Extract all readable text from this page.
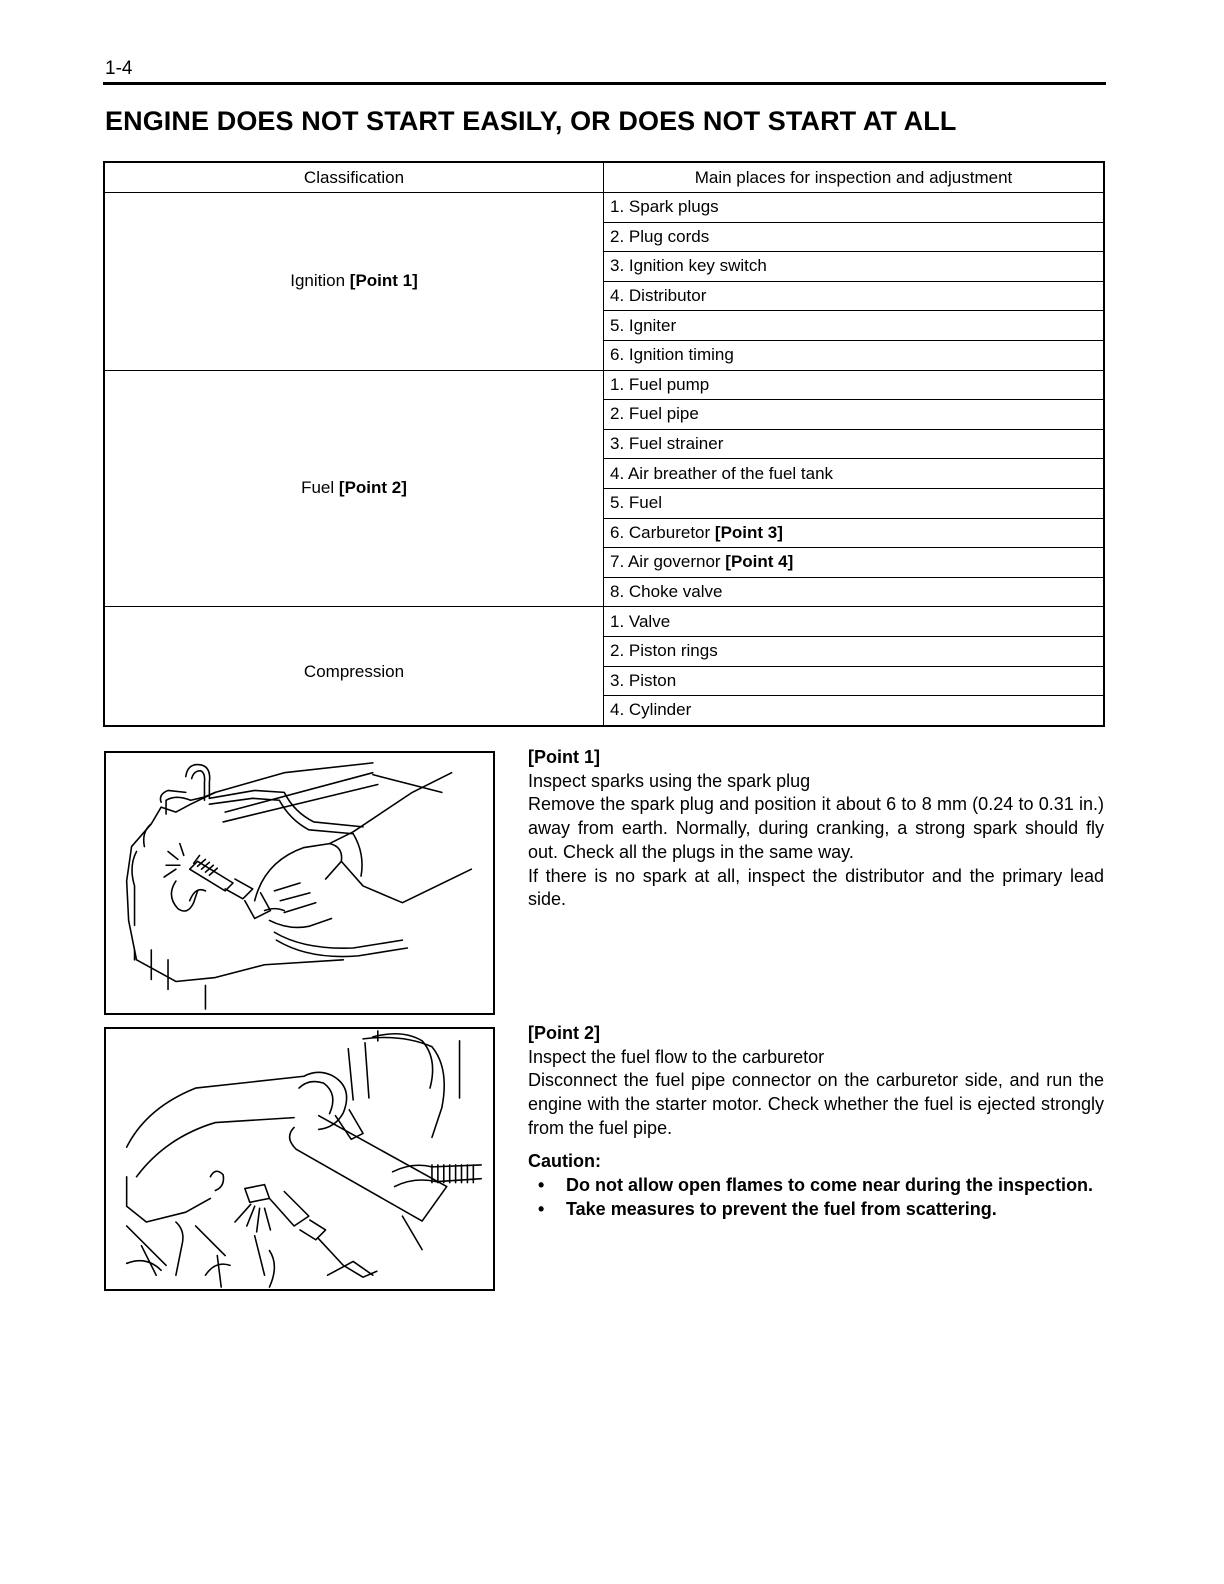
1-4
ENGINE DOES NOT START EASILY, OR DOES NOT START AT ALL
Classification	Main places for inspection and adjustment
Ignition [Point 1]	1. Spark plugs
	2. Plug cords
	3. Ignition key switch
	4. Distributor
	5. Igniter
	6. Ignition timing
Fuel [Point 2]	1. Fuel pump
	2. Fuel pipe
	3. Fuel strainer
	4. Air breather of the fuel tank
	5. Fuel
	6. Carburetor [Point 3]
	7. Air governor [Point 4]
	8. Choke valve
Compression	1. Valve
	2. Piston rings
	3. Piston
	4. Cylinder

[Point 1]

Inspect sparks using the spark plug

Remove the spark plug and position it about 6 to 8 mm (0.24 to 0.31 in.) away from earth. Normally, during cranking, a strong spark should fly out. Check all the plugs in the same way.

If there is no spark at all, inspect the distributor and the primary lead side.

[Point 2]

Inspect the fuel flow to the carburetor

Disconnect the fuel pipe connector on the carburetor side, and run the engine with the starter motor. Check whether the fuel is ejected strongly from the fuel pipe.

Caution:

• Do not allow open flames to come near during the inspection.
• Take measures to prevent the fuel from scattering.
